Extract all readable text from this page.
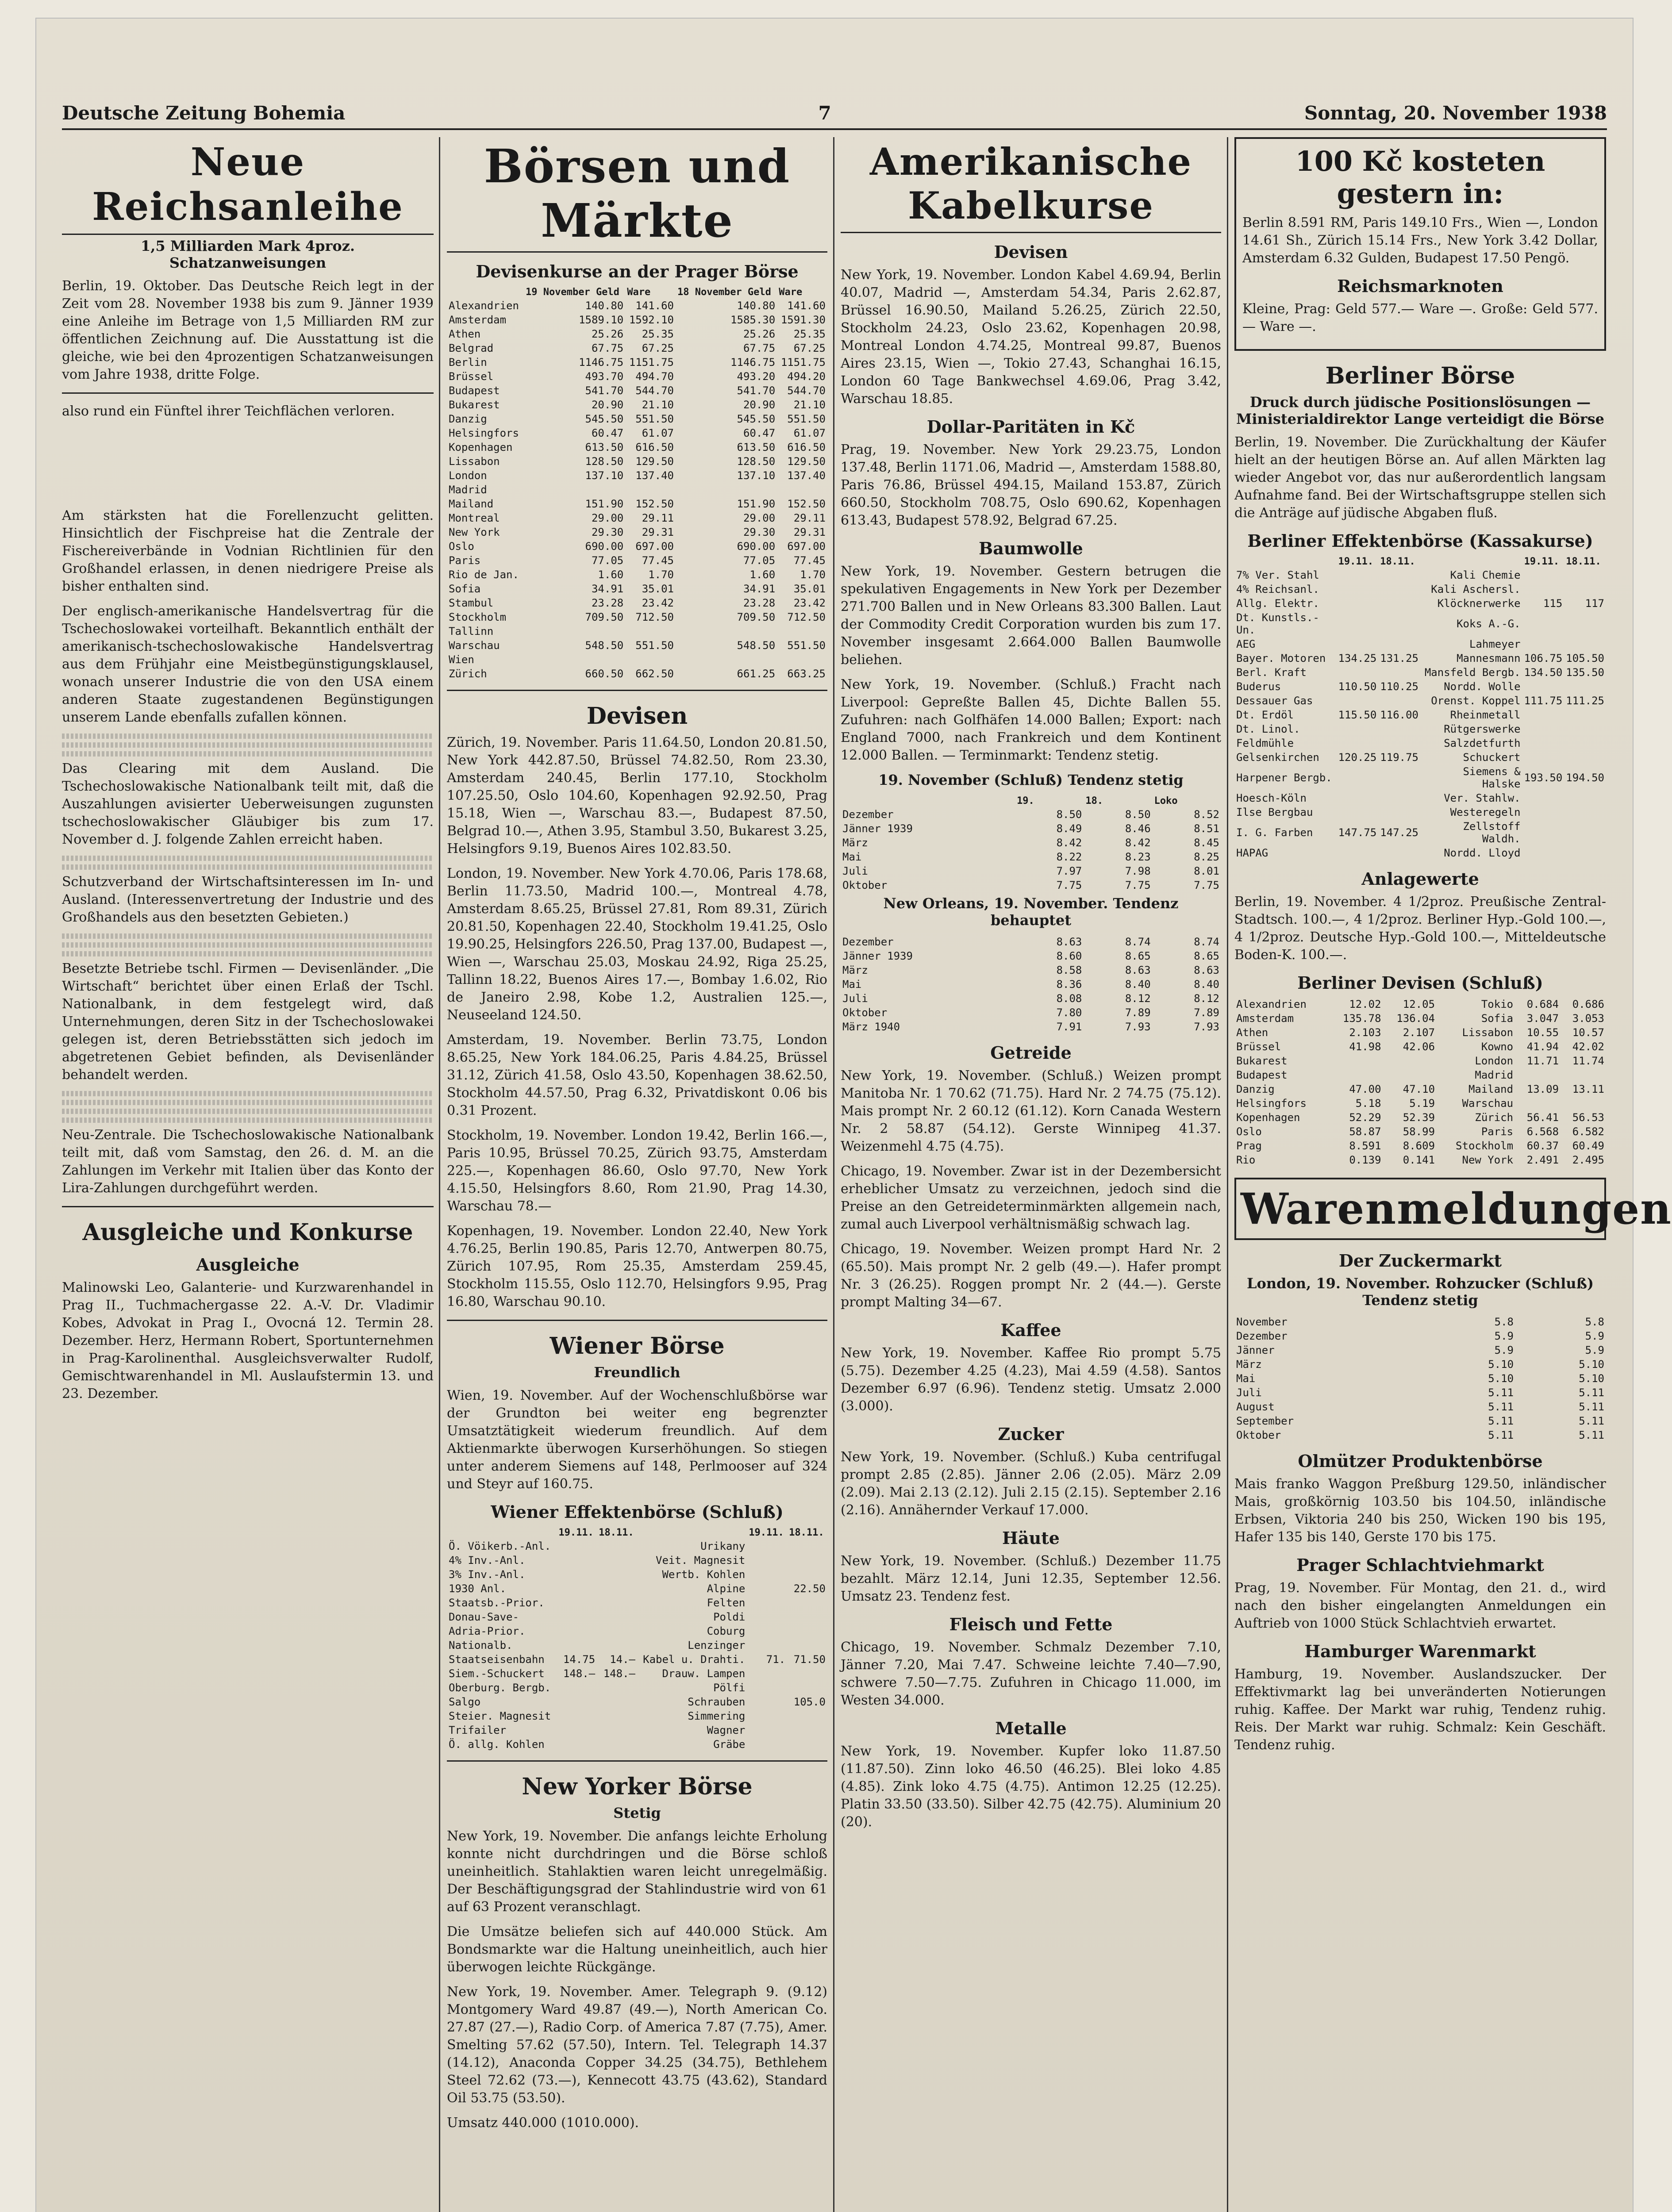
Deutsche Zeitung Bohemia	7	Sonntag, 20. November 1938
Neue Reichsanleihe
1,5 Milliarden Mark 4proz. Schatzanweisungen

Berlin, 19. Oktober. Das Deutsche Reich legt in der Zeit vom 28. November 1938 bis zum 9. Jänner 1939 eine Anleihe im Betrage von 1,5 Milliarden RM zur öffentlichen Zeichnung auf. Die Ausstattung ist die gleiche, wie bei den 4prozentigen Schatzanweisungen vom Jahre 1938, dritte Folge.

also rund ein Fünftel ihrer Teichflächen verloren.

Am stärksten hat die Forellenzucht gelitten. Hinsichtlich der Fischpreise hat die Zentrale der Fischereiverbände in Vodnian Richtlinien für den Großhandel erlassen, in denen niedrigere Preise als bisher enthalten sind.

Der englisch-amerikanische Handelsvertrag für die Tschechoslowakei vorteilhaft. Bekanntlich enthält der amerikanisch-tschechoslowakische Handelsvertrag aus dem Frühjahr eine Meistbegünstigungsklausel, wonach unserer Industrie die von den USA einem anderen Staate zugestandenen Begünstigungen unserem Lande ebenfalls zufallen können.

Das Clearing mit dem Ausland. Die Tschechoslowakische Nationalbank teilt mit, daß die Auszahlungen avisierter Ueberweisungen zugunsten tschechoslowakischer Gläubiger bis zum 17. November d. J. folgende Zahlen erreicht haben.

Schutzverband der Wirtschaftsinteressen im In- und Ausland. (Interessenvertretung der Industrie und des Großhandels aus den besetzten Gebieten.)

Besetzte Betriebe tschl. Firmen — Devisenländer. „Die Wirtschaft“ berichtet über einen Erlaß der Tschl. Nationalbank, in dem festgelegt wird, daß Unternehmungen, deren Sitz in der Tschechoslowakei gelegen ist, deren Betriebsstätten sich jedoch im abgetretenen Gebiet befinden, als Devisenländer behandelt werden.

Neu-Zentrale. Die Tschechoslowakische Nationalbank teilt mit, daß vom Samstag, den 26. d. M. an die Zahlungen im Verkehr mit Italien über das Konto der Lira-Zahlungen durchgeführt werden.

Ausgleiche und Konkurse
Ausgleiche

Malinowski Leo, Galanterie- und Kurzwarenhandel in Prag II., Tuchmachergasse 22. A.-V. Dr. Vladimir Kobes, Advokat in Prag I., Ovocná 12. Termin 28. Dezember. Herz, Hermann Robert, Sportunternehmen in Prag-Karolinenthal. Ausgleichsverwalter Rudolf, Gemischtwarenhandel in Ml. Auslaufstermin 13. und 23. Dezember.

Börsen und Märkte
Devisenkurse an der Prager Börse
	19 November Geld	Ware	18 November Geld	Ware
Alexandrien	140.80	141.60	140.80	141.60
Amsterdam	1589.10	1592.10	1585.30	1591.30
Athen	25.26	25.35	25.26	25.35
Belgrad	67.75	67.25	67.75	67.25
Berlin	1146.75	1151.75	1146.75	1151.75
Brüssel	493.70	494.70	493.20	494.20
Budapest	541.70	544.70	541.70	544.70
Bukarest	20.90	21.10	20.90	21.10
Danzig	545.50	551.50	545.50	551.50
Helsingfors	60.47	61.07	60.47	61.07
Kopenhagen	613.50	616.50	613.50	616.50
Lissabon	128.50	129.50	128.50	129.50
London	137.10	137.40	137.10	137.40
Madrid				
Mailand	151.90	152.50	151.90	152.50
Montreal	29.00	29.11	29.00	29.11
New York	29.30	29.31	29.30	29.31
Oslo	690.00	697.00	690.00	697.00
Paris	77.05	77.45	77.05	77.45
Rio de Jan.	1.60	1.70	1.60	1.70
Sofia	34.91	35.01	34.91	35.01
Stambul	23.28	23.42	23.28	23.42
Stockholm	709.50	712.50	709.50	712.50
Tallinn				
Warschau	548.50	551.50	548.50	551.50
Wien				
Zürich	660.50	662.50	661.25	663.25
Devisen

Zürich, 19. November. Paris 11.64.50, London 20.81.50, New York 442.87.50, Brüssel 74.82.50, Rom 23.30, Amsterdam 240.45, Berlin 177.10, Stockholm 107.25.50, Oslo 104.60, Kopenhagen 92.92.50, Prag 15.18, Wien —, Warschau 83.—, Budapest 87.50, Belgrad 10.—, Athen 3.95, Stambul 3.50, Bukarest 3.25, Helsingfors 9.19, Buenos Aires 102.83.50.

London, 19. November. New York 4.70.06, Paris 178.68, Berlin 11.73.50, Madrid 100.—, Montreal 4.78, Amsterdam 8.65.25, Brüssel 27.81, Rom 89.31, Zürich 20.81.50, Kopenhagen 22.40, Stockholm 19.41.25, Oslo 19.90.25, Helsingfors 226.50, Prag 137.00, Budapest —, Wien —, Warschau 25.03, Moskau 24.92, Riga 25.25, Tallinn 18.22, Buenos Aires 17.—, Bombay 1.6.02, Rio de Janeiro 2.98, Kobe 1.2, Australien 125.—, Neuseeland 124.50.

Amsterdam, 19. November. Berlin 73.75, London 8.65.25, New York 184.06.25, Paris 4.84.25, Brüssel 31.12, Zürich 41.58, Oslo 43.50, Kopenhagen 38.62.50, Stockholm 44.57.50, Prag 6.32, Privatdiskont 0.06 bis 0.31 Prozent.

Stockholm, 19. November. London 19.42, Berlin 166.—, Paris 10.95, Brüssel 70.25, Zürich 93.75, Amsterdam 225.—, Kopenhagen 86.60, Oslo 97.70, New York 4.15.50, Helsingfors 8.60, Rom 21.90, Prag 14.30, Warschau 78.—

Kopenhagen, 19. November. London 22.40, New York 4.76.25, Berlin 190.85, Paris 12.70, Antwerpen 80.75, Zürich 107.95, Rom 25.35, Amsterdam 259.45, Stockholm 115.55, Oslo 112.70, Helsingfors 9.95, Prag 16.80, Warschau 90.10.

Wiener Börse
Freundlich

Wien, 19. November. Auf der Wochenschlußbörse war der Grundton bei weiter eng begrenzter Umsatztätigkeit wiederum freundlich. Auf dem Aktienmarkte überwogen Kurserhöhungen. So stiegen unter anderem Siemens auf 148, Perlmooser auf 324 und Steyr auf 160.75.

Wiener Effektenbörse (Schluß)
	19.11.	18.11.		19.11.	18.11.
Ö. Vöikerb.-Anl.			Urikany		
4% Inv.-Anl.			Veit. Magnesit		
3% Inv.-Anl.			Wertb. Kohlen		
1930 Anl.			Alpine		22.50
Staatsb.-Prior.			Felten		
Donau-Save-			Poldi		
Adria-Prior.			Coburg		
Nationalb.			Lenzinger		
Staatseisenbahn	14.75	14.—	Kabel u. Drahti.	71.	71.50
Siem.-Schuckert	148.—	148.—	Drauw. Lampen		
Oberburg. Bergb.			Pölfi		
Salgo			Schrauben		105.0
Steier. Magnesit			Simmering		
Trifailer			Wagner		
Ö. allg. Kohlen			Gräbe		
New Yorker Börse
Stetig

New York, 19. November. Die anfangs leichte Erholung konnte nicht durchdringen und die Börse schloß uneinheitlich. Stahlaktien waren leicht unregelmäßig. Der Beschäftigungsgrad der Stahlindustrie wird von 61 auf 63 Prozent veranschlagt.

Die Umsätze beliefen sich auf 440.000 Stück. Am Bondsmarkte war die Haltung uneinheitlich, auch hier überwogen leichte Rückgänge.

New York, 19. November. Amer. Telegraph 9. (9.12) Montgomery Ward 49.87 (49.—), North American Co. 27.87 (27.—), Radio Corp. of America 7.87 (7.75), Amer. Smelting 57.62 (57.50), Intern. Tel. Telegraph 14.37 (14.12), Anaconda Copper 34.25 (34.75), Bethlehem Steel 72.62 (73.—), Kennecott 43.75 (43.62), Standard Oil 53.75 (53.50).

Umsatz 440.000 (1010.000).

Amerikanische Kabelkurse
Devisen

New York, 19. November. London Kabel 4.69.94, Berlin 40.07, Madrid —, Amsterdam 54.34, Paris 2.62.87, Brüssel 16.90.50, Mailand 5.26.25, Zürich 22.50, Stockholm 24.23, Oslo 23.62, Kopenhagen 20.98, Montreal London 4.74.25, Montreal 99.87, Buenos Aires 23.15, Wien —, Tokio 27.43, Schanghai 16.15, London 60 Tage Bankwechsel 4.69.06, Prag 3.42, Warschau 18.85.

Dollar-Paritäten in Kč

Prag, 19. November. New York 29.23.75, London 137.48, Berlin 1171.06, Madrid —, Amsterdam 1588.80, Paris 76.86, Brüssel 494.15, Mailand 153.87, Zürich 660.50, Stockholm 708.75, Oslo 690.62, Kopenhagen 613.43, Budapest 578.92, Belgrad 67.25.

Baumwolle

New York, 19. November. Gestern betrugen die spekulativen Engagements in New York per Dezember 271.700 Ballen und in New Orleans 83.300 Ballen. Laut der Commodity Credit Corporation wurden bis zum 17. November insgesamt 2.664.000 Ballen Baumwolle beliehen.

New York, 19. November. (Schluß.) Fracht nach Liverpool: Gepreßte Ballen 45, Dichte Ballen 55. Zufuhren: nach Golfhäfen 14.000 Ballen; Export: nach England 7000, nach Frankreich und dem Kontinent 12.000 Ballen. — Terminmarkt: Tendenz stetig.

19. November (Schluß) Tendenz stetig
	19.	18.	Loko
Dezember	8.50	8.50	8.52
Jänner 1939	8.49	8.46	8.51
März	8.42	8.42	8.45
Mai	8.22	8.23	8.25
Juli	7.97	7.98	8.01
Oktober	7.75	7.75	7.75
New Orleans, 19. November. Tendenz behauptet
Dezember	8.63	8.74	8.74
Jänner 1939	8.60	8.65	8.65
März	8.58	8.63	8.63
Mai	8.36	8.40	8.40
Juli	8.08	8.12	8.12
Oktober	7.80	7.89	7.89
März 1940	7.91	7.93	7.93
Getreide

New York, 19. November. (Schluß.) Weizen prompt Manitoba Nr. 1 70.62 (71.75). Hard Nr. 2 74.75 (75.12). Mais prompt Nr. 2 60.12 (61.12). Korn Canada Western Nr. 2 58.87 (54.12). Gerste Winnipeg 41.37. Weizenmehl 4.75 (4.75).

Chicago, 19. November. Zwar ist in der Dezembersicht erheblicher Umsatz zu verzeichnen, jedoch sind die Preise an den Getreideterminmärkten allgemein nach, zumal auch Liverpool verhältnismäßig schwach lag.

Chicago, 19. November. Weizen prompt Hard Nr. 2 (65.50). Mais prompt Nr. 2 gelb (49.—). Hafer prompt Nr. 3 (26.25). Roggen prompt Nr. 2 (44.—). Gerste prompt Malting 34—67.

Kaffee

New York, 19. November. Kaffee Rio prompt 5.75 (5.75). Dezember 4.25 (4.23), Mai 4.59 (4.58). Santos Dezember 6.97 (6.96). Tendenz stetig. Umsatz 2.000 (3.000).

Zucker

New York, 19. November. (Schluß.) Kuba centrifugal prompt 2.85 (2.85). Jänner 2.06 (2.05). März 2.09 (2.09). Mai 2.13 (2.12). Juli 2.15 (2.15). September 2.16 (2.16). Annähernder Verkauf 17.000.

Häute

New York, 19. November. (Schluß.) Dezember 11.75 bezahlt. März 12.14, Juni 12.35, September 12.56. Umsatz 23. Tendenz fest.

Fleisch und Fette

Chicago, 19. November. Schmalz Dezember 7.10, Jänner 7.20, Mai 7.47. Schweine leichte 7.40—7.90, schwere 7.50—7.75. Zufuhren in Chicago 11.000, im Westen 34.000.

Metalle

New York, 19. November. Kupfer loko 11.87.50 (11.87.50). Zinn loko 46.50 (46.25). Blei loko 4.85 (4.85). Zink loko 4.75 (4.75). Antimon 12.25 (12.25). Platin 33.50 (33.50). Silber 42.75 (42.75). Aluminium 20 (20).

100 Kč kosteten gestern in:

Berlin 8.591 RM, Paris 149.10 Frs., Wien —, London 14.61 Sh., Zürich 15.14 Frs., New York 3.42 Dollar, Amsterdam 6.32 Gulden, Budapest 17.50 Pengö.

Reichsmarknoten

Kleine, Prag: Geld 577.— Ware —. Große: Geld 577.— Ware —.

Berliner Börse
Druck durch jüdische Positionslösungen — Ministerialdirektor Lange verteidigt die Börse

Berlin, 19. November. Die Zurückhaltung der Käufer hielt an der heutigen Börse an. Auf allen Märkten lag wieder Angebot vor, das nur außerordentlich langsam Aufnahme fand. Bei der Wirtschaftsgruppe stellen sich die Anträge auf jüdische Abgaben fluß.

Berliner Effektenbörse (Kassakurse)
	19.11.	18.11.		19.11.	18.11.
7% Ver. Stahl			Kali Chemie		
4% Reichsanl.			Kali Aschersl.		
Allg. Elektr.			Klöcknerwerke	115	117
Dt. Kunstls.-Un.			Koks A.-G.		
AEG			Lahmeyer		
Bayer. Motoren	134.25	131.25	Mannesmann	106.75	105.50
Berl. Kraft			Mansfeld Bergb.	134.50	135.50
Buderus	110.50	110.25	Nordd. Wolle		
Dessauer Gas			Orenst. Koppel	111.75	111.25
Dt. Erdöl	115.50	116.00	Rheinmetall		
Dt. Linol.			Rütgerswerke		
Feldmühle			Salzdetfurth		
Gelsenkirchen	120.25	119.75	Schuckert		
Harpener Bergb.			Siemens & Halske	193.50	194.50
Hoesch-Köln			Ver. Stahlw.		
Ilse Bergbau			Westeregeln		
I. G. Farben	147.75	147.25	Zellstoff Waldh.		
HAPAG			Nordd. Lloyd		
Anlagewerte

Berlin, 19. November. 4 1/2proz. Preußische Zentral-Stadtsch. 100.—, 4 1/2proz. Berliner Hyp.-Gold 100.—, 4 1/2proz. Deutsche Hyp.-Gold 100.—, Mitteldeutsche Boden-K. 100.—.

Berliner Devisen (Schluß)
Alexandrien	12.02	12.05	Tokio	0.684	0.686
Amsterdam	135.78	136.04	Sofia	3.047	3.053
Athen	2.103	2.107	Lissabon	10.55	10.57
Brüssel	41.98	42.06	Kowno	41.94	42.02
Bukarest			London	11.71	11.74
Budapest			Madrid		
Danzig	47.00	47.10	Mailand	13.09	13.11
Helsingfors	5.18	5.19	Warschau		
Kopenhagen	52.29	52.39	Zürich	56.41	56.53
Oslo	58.87	58.99	Paris	6.568	6.582
Prag	8.591	8.609	Stockholm	60.37	60.49
Rio	0.139	0.141	New York	2.491	2.495
Warenmeldungen
Der Zuckermarkt
London, 19. November. Rohzucker (Schluß) Tendenz stetig
November	5.8	5.8
Dezember	5.9	5.9
Jänner	5.9	5.9
März	5.10	5.10
Mai	5.10	5.10
Juli	5.11	5.11
August	5.11	5.11
September	5.11	5.11
Oktober	5.11	5.11
Olmützer Produktenbörse

Mais franko Waggon Preßburg 129.50, inländischer Mais, großkörnig 103.50 bis 104.50, inländische Erbsen, Viktoria 240 bis 250, Wicken 190 bis 195, Hafer 135 bis 140, Gerste 170 bis 175.

Prager Schlachtviehmarkt

Prag, 19. November. Für Montag, den 21. d., wird nach den bisher eingelangten Anmeldungen ein Auftrieb von 1000 Stück Schlachtvieh erwartet.

Hamburger Warenmarkt

Hamburg, 19. November. Auslandszucker. Der Effektivmarkt lag bei unveränderten Notierungen ruhig. Kaffee. Der Markt war ruhig, Tendenz ruhig. Reis. Der Markt war ruhig. Schmalz: Kein Geschäft. Tendenz ruhig.
